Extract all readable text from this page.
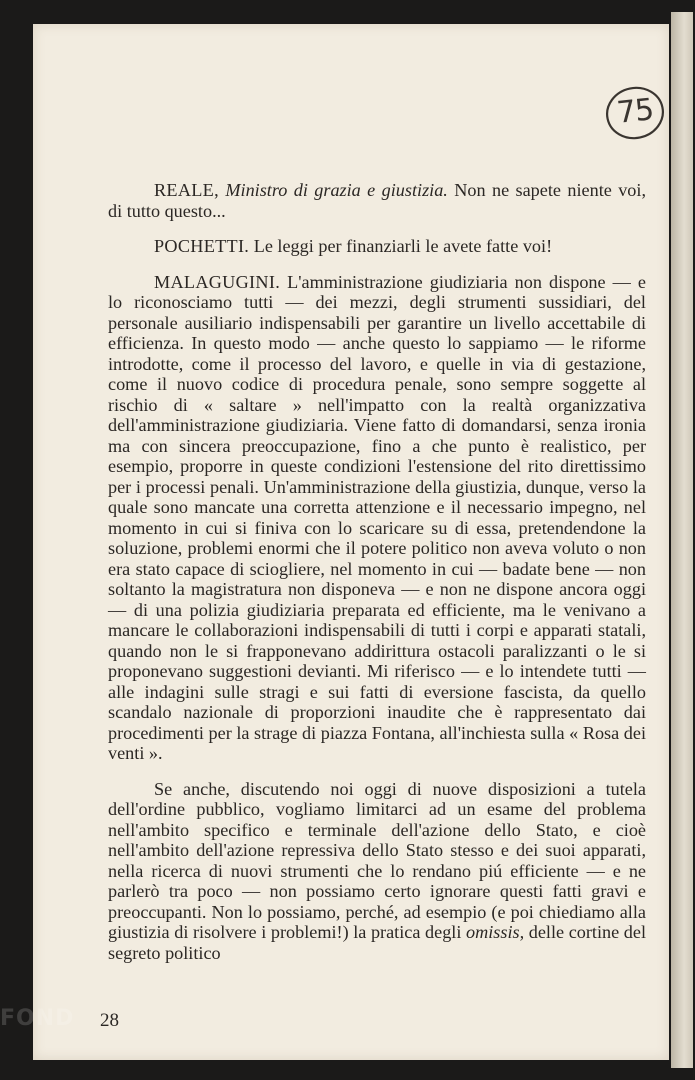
75

REALE, Ministro di grazia e giustizia. Non ne sapete niente voi, di tutto questo...

POCHETTI. Le leggi per finanziarli le avete fatte voi!

MALAGUGINI. L'amministrazione giudiziaria non dispone — e lo riconosciamo tutti — dei mezzi, degli strumenti sussidiari, del personale ausiliario indispensabili per garantire un livello accettabile di efficienza. In questo modo — anche questo lo sappiamo — le riforme introdotte, come il processo del lavoro, e quelle in via di gestazione, come il nuovo codice di procedura penale, sono sempre soggette al rischio di « saltare » nell'impatto con la realtà organizzativa dell'amministrazione giudiziaria. Viene fatto di domandarsi, senza ironia ma con sincera preoccupazione, fino a che punto è realistico, per esempio, proporre in queste condizioni l'estensione del rito direttissimo per i processi penali. Un'amministrazione della giustizia, dunque, verso la quale sono mancate una corretta attenzione e il necessario impegno, nel momento in cui si finiva con lo scaricare su di essa, pretendendone la soluzione, problemi enormi che il potere politico non aveva voluto o non era stato capace di sciogliere, nel momento in cui — badate bene — non soltanto la magistratura non disponeva — e non ne dispone ancora oggi — di una polizia giudiziaria preparata ed efficiente, ma le venivano a mancare le collaborazioni indispensabili di tutti i corpi e apparati statali, quando non le si frapponevano addirittura ostacoli paralizzanti o le si proponevano suggestioni devianti. Mi riferisco — e lo intendete tutti — alle indagini sulle stragi e sui fatti di eversione fascista, da quello scandalo nazionale di proporzioni inaudite che è rappresentato dai procedimenti per la strage di piazza Fontana, all'inchiesta sulla « Rosa dei venti ».

Se anche, discutendo noi oggi di nuove disposizioni a tutela dell'ordine pubblico, vogliamo limitarci ad un esame del problema nell'ambito specifico e terminale dell'azione dello Stato, e cioè nell'ambito dell'azione repressiva dello Stato stesso e dei suoi apparati, nella ricerca di nuovi strumenti che lo rendano piú efficiente — e ne parlerò tra poco — non possiamo certo ignorare questi fatti gravi e preoccupanti. Non lo possiamo, perché, ad esempio (e poi chiediamo alla giustizia di risolvere i problemi!) la pratica degli omissis, delle cortine del segreto politico

28
FOND
